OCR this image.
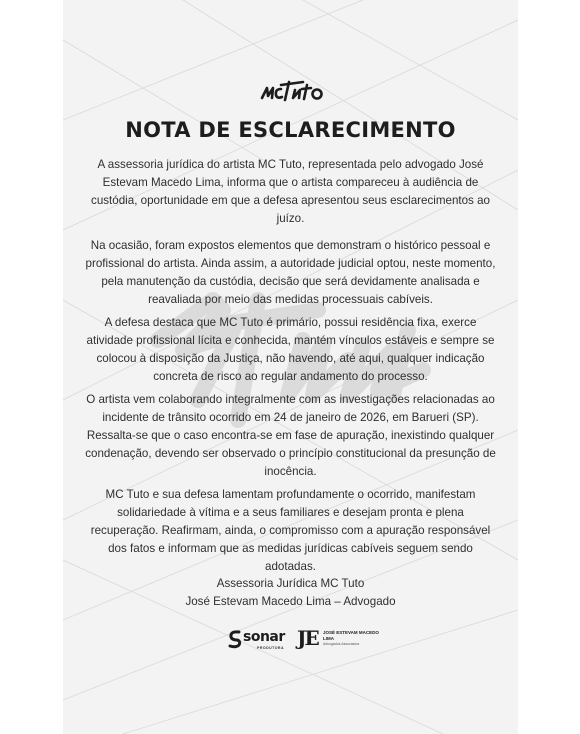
NOTA DE ESCLARECIMENTO

A assessoria jurídica do artista MC Tuto, representada pelo advogado José Estevam Macedo Lima, informa que o artista compareceu à audiência de custódia, oportunidade em que a defesa apresentou seus esclarecimentos ao juízo.

Na ocasião, foram expostos elementos que demonstram o histórico pessoal e profissional do artista. Ainda assim, a autoridade judicial optou, neste momento, pela manutenção da custódia, decisão que será devidamente analisada e reavaliada por meio das medidas processuais cabíveis.

A defesa destaca que MC Tuto é primário, possui residência fixa, exerce atividade profissional lícita e conhecida, mantém vínculos estáveis e sempre se colocou à disposição da Justiça, não havendo, até aqui, qualquer indicação concreta de risco ao regular andamento do processo.

O artista vem colaborando integralmente com as investigações relacionadas ao incidente de trânsito ocorrido em 24 de janeiro de 2026, em Barueri (SP). Ressalta-se que o caso encontra-se em fase de apuração, inexistindo qualquer condenação, devendo ser observado o princípio constitucional da presunção de inocência.

MC Tuto e sua defesa lamentam profundamente o ocorrido, manifestam solidariedade à vítima e a seus familiares e desejam pronta e plena recuperação. Reafirmam, ainda, o compromisso com a apuração responsável dos fatos e informam que as medidas jurídicas cabíveis seguem sendo adotadas.

Assessoria Jurídica MC Tuto
José Estevam Macedo Lima – Advogado
sonar
PRODUTORA JE JOSÉ ESTEVAM MACEDO LIMA
Advogados Associados
